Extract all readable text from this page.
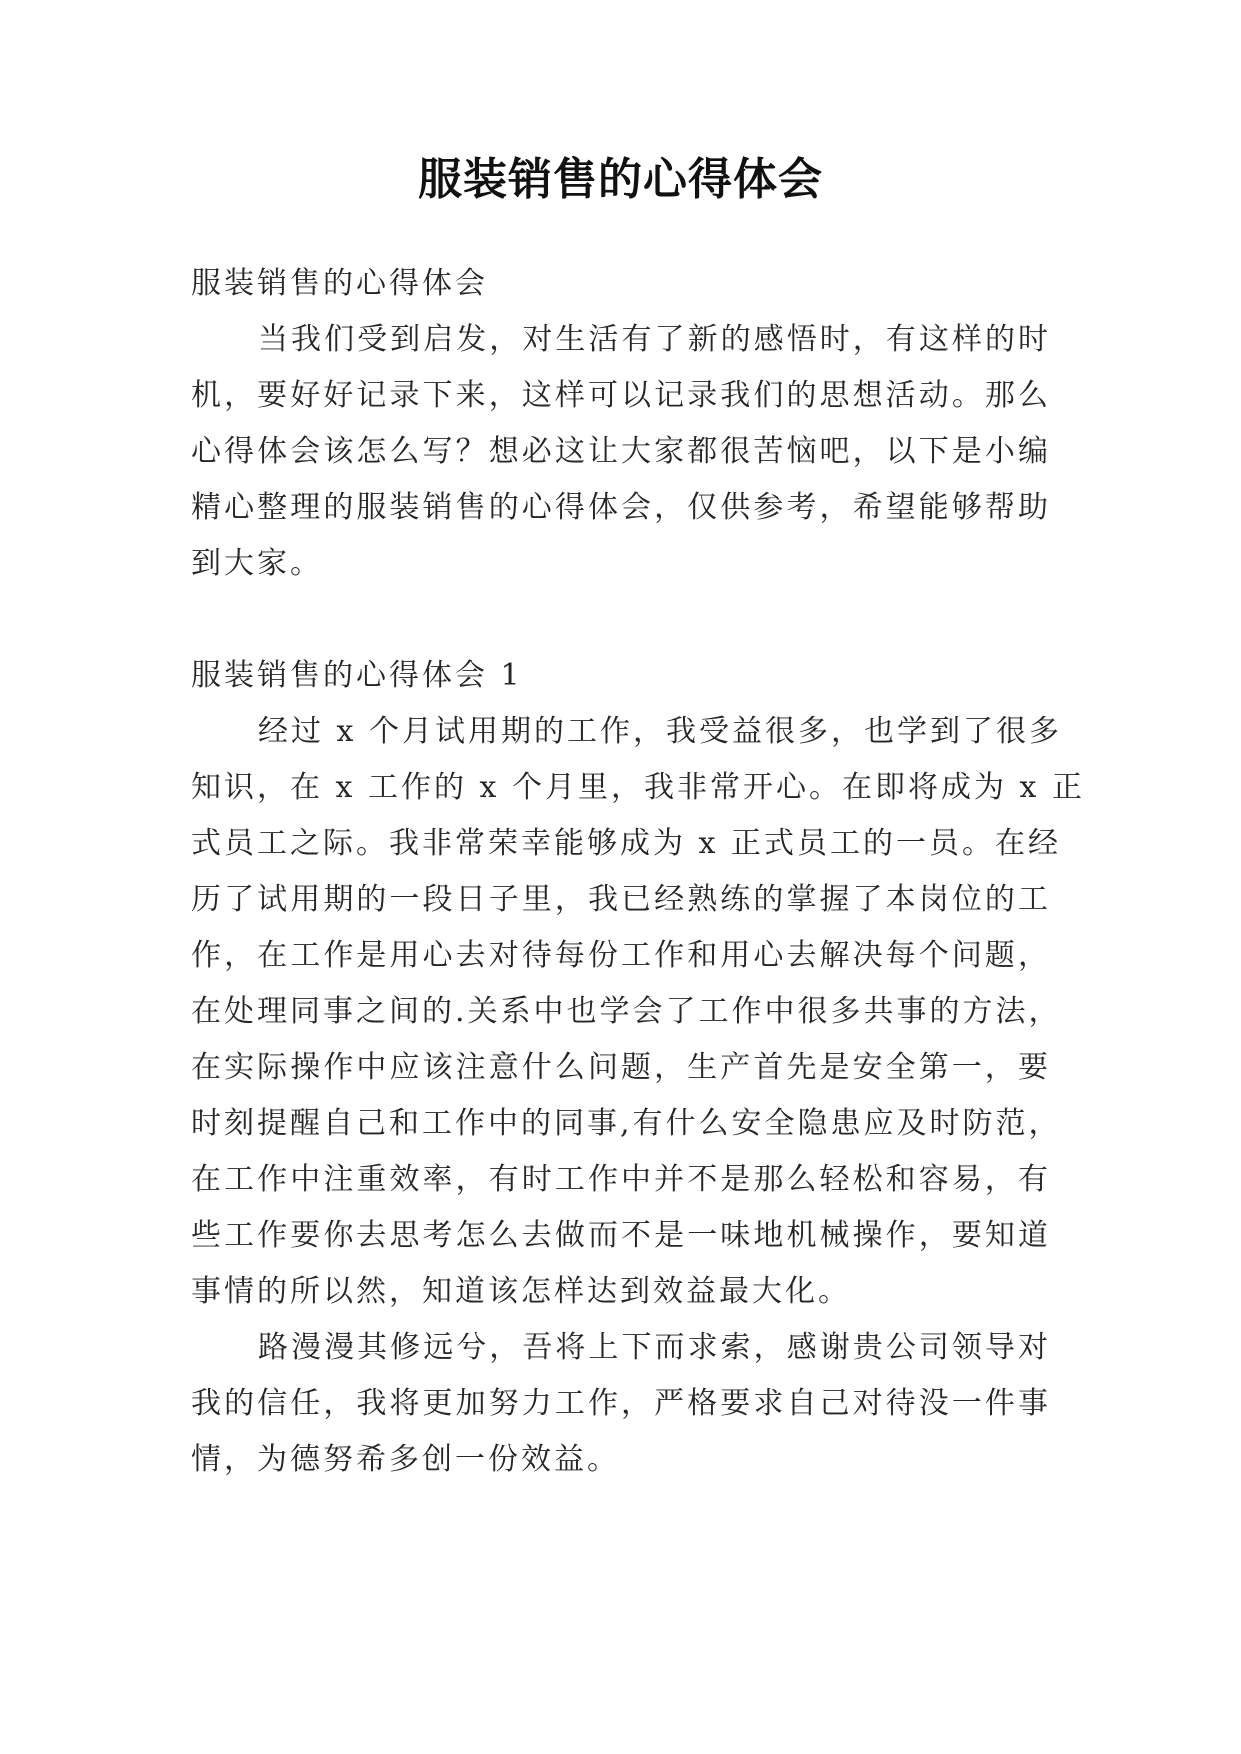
服装销售的心得体会
服装销售的心得体会
当我们受到启发，对生活有了新的感悟时，有这样的时
机，要好好记录下来，这样可以记录我们的思想活动。那么
心得体会该怎么写？想必这让大家都很苦恼吧，以下是小编
精心整理的服装销售的心得体会，仅供参考，希望能够帮助
到大家。
服装销售的心得体会 1
经过 x 个月试用期的工作，我受益很多，也学到了很多
知识，在 x 工作的 x 个月里，我非常开心。在即将成为 x 正
式员工之际。我非常荣幸能够成为 x 正式员工的一员。在经
历了试用期的一段日子里，我已经熟练的掌握了本岗位的工
作，在工作是用心去对待每份工作和用心去解决每个问题，
在处理同事之间的.关系中也学会了工作中很多共事的方法，
在实际操作中应该注意什么问题，生产首先是安全第一，要
时刻提醒自己和工作中的同事,有什么安全隐患应及时防范，
在工作中注重效率，有时工作中并不是那么轻松和容易，有
些工作要你去思考怎么去做而不是一味地机械操作，要知道
事情的所以然，知道该怎样达到效益最大化。
路漫漫其修远兮，吾将上下而求索，感谢贵公司领导对
我的信任，我将更加努力工作，严格要求自己对待没一件事
情，为德努希多创一份效益。
